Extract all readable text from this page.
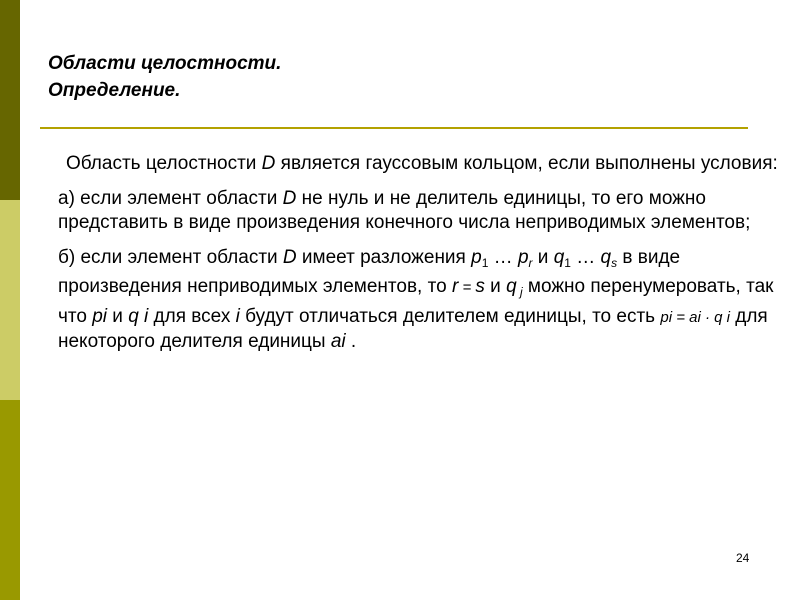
Области целостности.
Определение.

Область целостности D является гауссовым кольцом, если выполнены условия:

а) если элемент области D не нуль и не делитель единицы, то его можно представить в виде произведения конечного числа неприводимых элементов;

б) если элемент области D имеет разложения $p_1$ … $p_r$ и $q_1$ … $q_s$ в виде произведения неприводимых элементов, то r = s и q $_j$ можно перенумеровать, так что pi и q i для всех i будут отличаться делителем единицы, то есть pi = ai · q i для некоторого делителя единицы ai .

24
